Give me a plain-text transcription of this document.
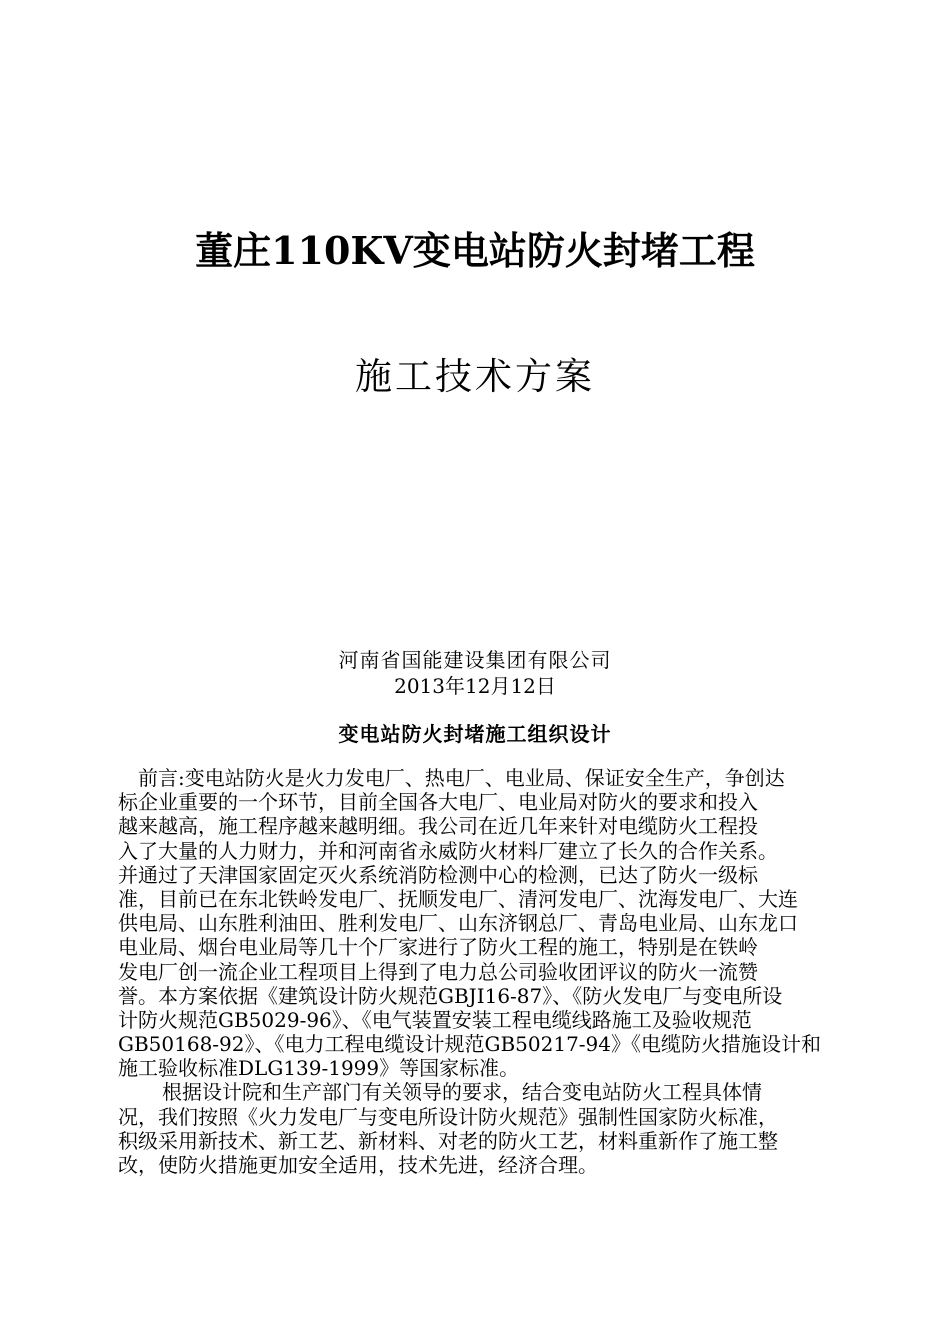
董庄110KV变电站防火封堵工程
施工技术方案
河南省国能建设集团有限公司
2013年12月12日
变电站防火封堵施工组织设计
前言:变电站防火是火力发电厂、热电厂、电业局、保证安全生产，争创达
标企业重要的一个环节，目前全国各大电厂、电业局对防火的要求和投入
越来越高，施工程序越来越明细。我公司在近几年来针对电缆防火工程投
入了大量的人力财力，并和河南省永威防火材料厂建立了长久的合作关系。
并通过了天津国家固定灭火系统消防检测中心的检测，已达了防火一级标
准，目前已在东北铁岭发电厂、抚顺发电厂、清河发电厂、沈海发电厂、大连
供电局、山东胜利油田、胜利发电厂、山东济钢总厂、青岛电业局、山东龙口
电业局、烟台电业局等几十个厂家进行了防火工程的施工，特别是在铁岭
发电厂创一流企业工程项目上得到了电力总公司验收团评议的防火一流赞
誉。本方案依据《建筑设计防火规范GBJI16-87》、《防火发电厂与变电所设
计防火规范GB5029-96》、《电气装置安装工程电缆线路施工及验收规范
GB50168-92》、《电力工程电缆设计规范GB50217-94》《电缆防火措施设计和
施工验收标准DLG139-1999》等国家标准。
根据设计院和生产部门有关领导的要求，结合变电站防火工程具体情
况，我们按照《火力发电厂与变电所设计防火规范》强制性国家防火标准，
积级采用新技术、新工艺、新材料、对老的防火工艺，材料重新作了施工整
改，使防火措施更加安全适用，技术先进，经济合理。
